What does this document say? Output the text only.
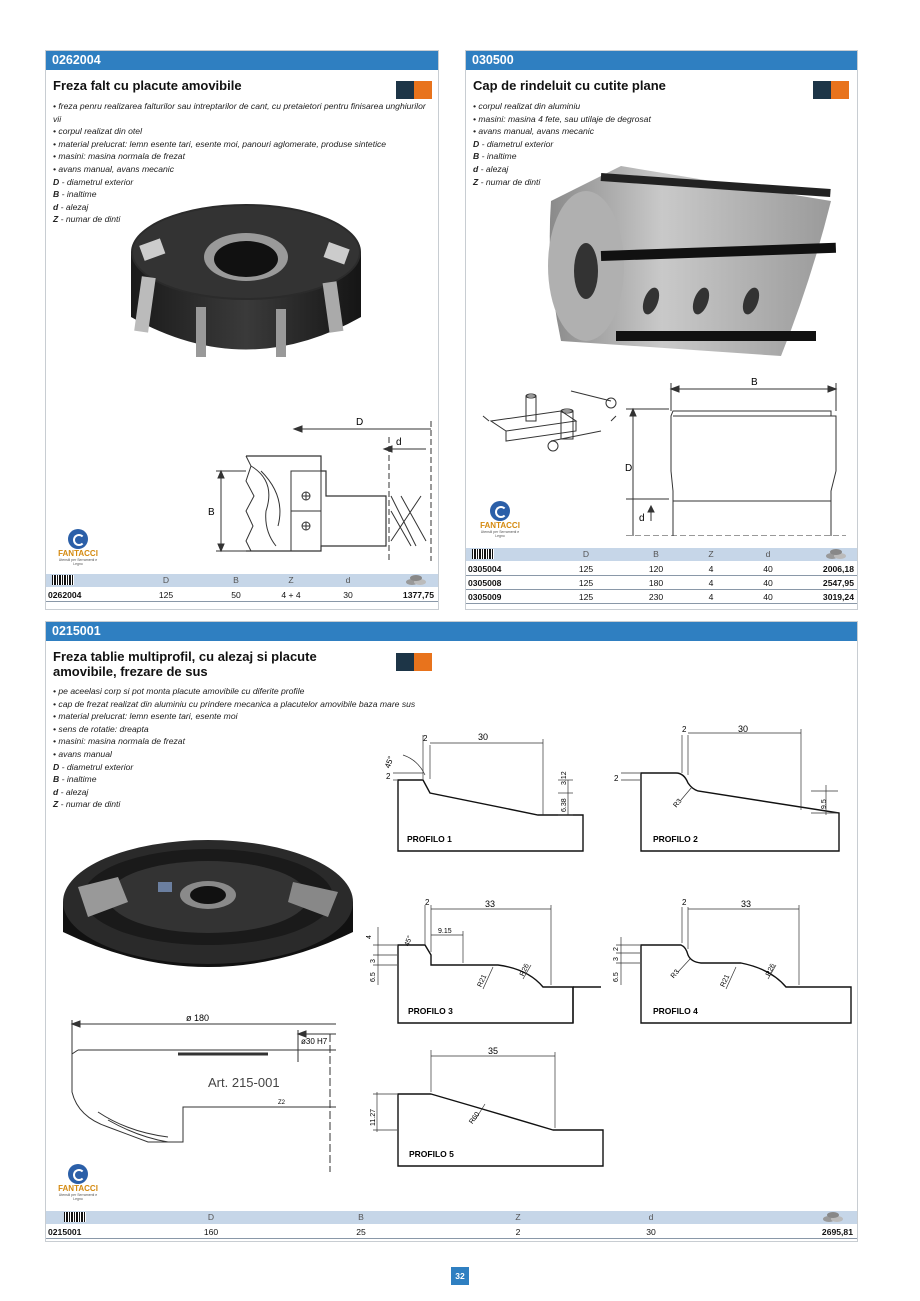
0262004
Freza falt cu placute amovibile
• freza penru realizarea falturilor sau intreptarilor de cant, cu pretaietori pentru finisarea unghiurilor vii
• corpul realizat din otel
• material prelucrat: lemn esente tari, esente moi, panouri aglomerate, produse sintetice
• masini: masina normala de frezat
• avans manual, avans mecanic
D - diametrul exterior
B - inaltime
d - alezaj
Z - numar de dinti
D
d
B
FANTACCI
Utensili per Serramenti e Legno
D	B	Z	d
0262004	125	50	4 + 4	30	1377,75
030500
Cap de rindeluit cu cutite plane
• corpul realizat din aluminiu
• masini: masina 4 fete, sau utilaje de degrosat
• avans manual, avans mecanic
D - diametrul exterior
B - inaltime
d - alezaj
Z - numar de dinti
B
D
d
FANTACCI
Utensili per Serramenti e Legno
D	B	Z	d
0305004	125	120	4	40	2006,18
0305008	125	180	4	40	2547,95
0305009	125	230	4	40	3019,24
0215001
Freza tablie multiprofil, cu alezaj si placute
amovibile, frezare de sus
• pe aceelasi corp si pot monta placute amovibile cu diferite profile
• cap de frezat realizat din aluminiu cu prindere mecanica a placutelor amovibile baza mare sus
• material prelucrat: lemn esente tari, esente moi
• sens de rotatie: dreapta
• masini: masina normala de frezat
• avans manual
D - diametrul exterior
B - inaltime
d - alezaj
Z - numar de dinti
ø 180
ø30 H7
Art. 215-001
Z2
2	30
45°
2	3.12
6.38
PROFILO 1
2	30
2
R3	9.5
PROFILO 2
2	33
4	45°
9.15
6.5
3
R21
R26
PROFILO 3
2	33
3
2
6.5	R3	R21
R26
PROFILO 4
35
11.27	R60
PROFILO 5
FANTACCI
Utensili per Serramenti e Legno
D	B	Z	d
0215001	160	25	2	30	2695,81
32
